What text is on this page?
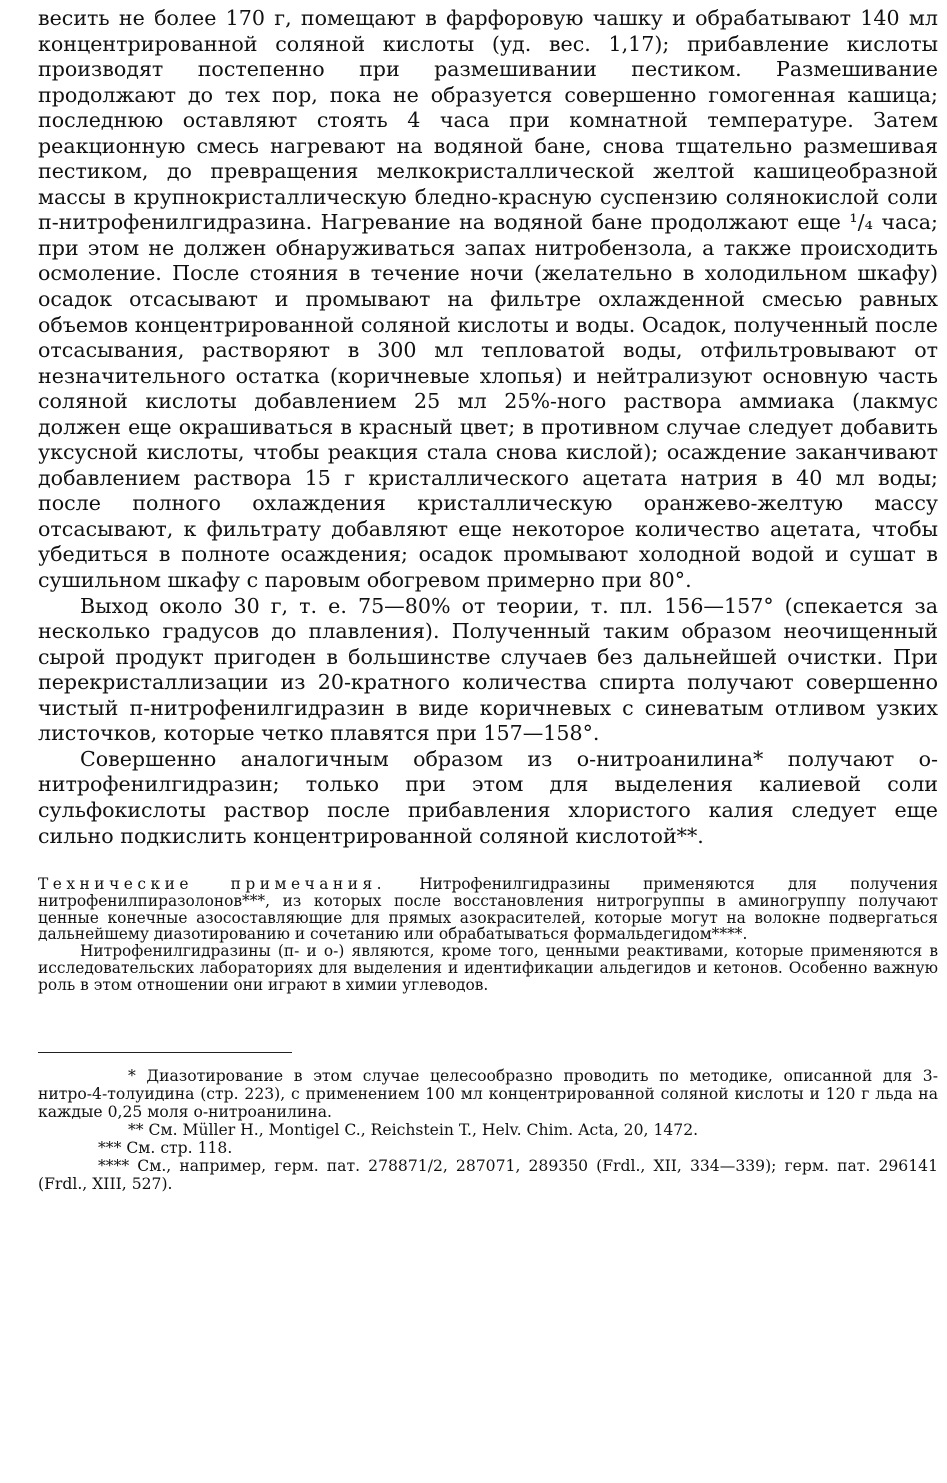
весить не более 170 г, помещают в фарфоровую чашку и обрабатывают 140 мл концентрированной соляной кислоты (уд. вес. 1,17); прибавление кислоты производят постепенно при размешивании пестиком. Размешивание продолжают до тех пор, пока не образуется совершенно гомогенная кашица; последнюю оставляют стоять 4 часа при комнатной температуре. Затем реакционную смесь нагревают на водяной бане, снова тщательно размешивая пестиком, до превращения мелкокристаллической желтой кашицеобразной массы в крупнокристаллическую бледно-красную суспензию солянокислой соли п-нитрофенилгидразина. Нагревание на водяной бане продолжают еще ¹/₄ часа; при этом не должен обнаруживаться запах нитробензола, а также происходить осмоление. После стояния в течение ночи (желательно в холодильном шкафу) осадок отсасывают и промывают на фильтре охлажденной смесью равных объемов концентрированной соляной кислоты и воды. Осадок, полученный после отсасывания, растворяют в 300 мл тепловатой воды, отфильтровывают от незначительного остатка (коричневые хлопья) и нейтрализуют основную часть соляной кислоты добавлением 25 мл 25%-ного раствора аммиака (лакмус должен еще окрашиваться в красный цвет; в противном случае следует добавить уксусной кислоты, чтобы реакция стала снова кислой); осаждение заканчивают добавлением раствора 15 г кристаллического ацетата натрия в 40 мл воды; после полного охлаждения кристаллическую оранжево-желтую массу отсасывают, к фильтрату добавляют еще некоторое количество ацетата, чтобы убедиться в полноте осаждения; осадок промывают холодной водой и сушат в сушильном шкафу с паровым обогревом примерно при 80°.

Выход около 30 г, т. е. 75—80% от теории, т. пл. 156—157° (спекается за несколько градусов до плавления). Полученный таким образом неочищенный сырой продукт пригоден в большинстве случаев без дальнейшей очистки. При перекристаллизации из 20-кратного количества спирта получают совершенно чистый п-нитрофенилгидразин в виде коричневых с синеватым отливом узких листочков, которые четко плавятся при 157—158°.

Совершенно аналогичным образом из о-нитроанилина* получают о-нитрофенилгидразин; только при этом для выделения калиевой соли сульфокислоты раствор после прибавления хлористого калия следует еще сильно подкислить концентрированной соляной кислотой**.

Технические примечания. Нитрофенилгидразины применяются для получения нитрофенилпиразолонов***, из которых после восстановления нитрогруппы в аминогруппу получают ценные конечные азосоставляющие для прямых азокрасителей, которые могут на волокне подвергаться дальнейшему диазотированию и сочетанию или обрабатываться формальдегидом****.

Нитрофенилгидразины (п- и о-) являются, кроме того, ценными реактивами, которые применяются в исследовательских лабораториях для выделения и идентификации альдегидов и кетонов. Особенно важную роль в этом отношении они играют в химии углеводов.

* Диазотирование в этом случае целесообразно проводить по методике, описанной для 3-нитро-4-толуидина (стр. 223), с применением 100 мл концентрированной соляной кислоты и 120 г льда на каждые 0,25 моля о-нитроанилина.

** См. Müller H., Montigel C., Reichstein T., Helv. Chim. Acta, 20, 1472.

*** См. стр. 118.

**** См., например, герм. пат. 278871/2, 287071, 289350 (Frdl., XII, 334—339); герм. пат. 296141 (Frdl., XIII, 527).
